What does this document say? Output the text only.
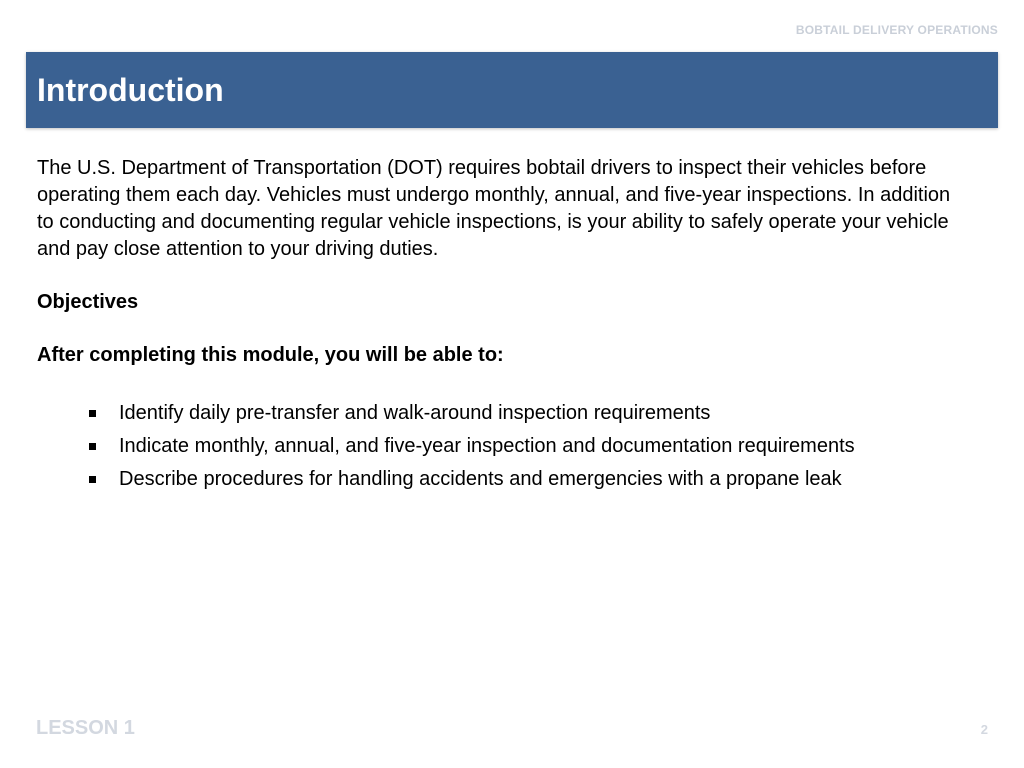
BOBTAIL DELIVERY OPERATIONS
Introduction

The U.S. Department of Transportation (DOT) requires bobtail drivers to inspect their vehicles before operating them each day. Vehicles must undergo monthly, annual, and five-year inspections. In addition to conducting and documenting regular vehicle inspections, is your ability to safely operate your vehicle and pay close attention to your driving duties.

Objectives

After completing this module, you will be able to:

Identify daily pre-transfer and walk-around inspection requirements
Indicate monthly, annual, and five-year inspection and documentation requirements
Describe procedures for handling accidents and emergencies with a propane leak
LESSON 1	2
